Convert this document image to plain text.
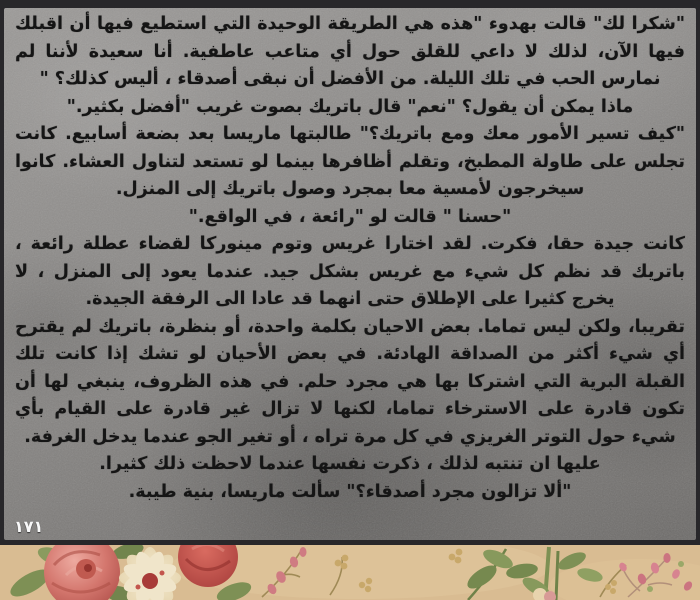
"شكرا لك" قالت بهدوء "هذه هي الطريقة الوحيدة التي استطيع فيها أن اقبلك فيها الآن، لذلك لا داعي للقلق حول أي متاعب عاطفية. أنا سعيدة لأننا لم نمارس الحب في تلك الليلة. من الأفضل أن نبقى أصدقاء ، أليس كذلك؟ "

ماذا يمكن أن يقول؟ "نعم" قال باتريك بصوت غريب "أفضل بكثير."

"كيف تسير الأمور معك ومع باتريك؟" طالبتها ماريسا بعد بضعة أسابيع. كانت تجلس على طاولة المطبخ، وتقلم أظافرها بينما لو تستعد لتناول العشاء. كانوا سيخرجون لأمسية معا بمجرد وصول باتريك إلى المنزل.

"حسنا " قالت لو "رائعة ، في الواقع."

كانت جيدة حقا، فكرت. لقد اختارا غريس وتوم مينوركا لقضاء عطلة رائعة ، باتريك قد نظم كل شيء مع غريس بشكل جيد. عندما يعود إلى المنزل ، لا يخرج كثيرا على الإطلاق حتى انهما قد عادا الى الرفقة الجيدة.

تقريبا، ولكن ليس تماما. بعض الاحيان بكلمة واحدة، أو بنظرة، باتريك لم يقترح أي شيء أكثر من الصداقة الهادئة. في بعض الأحيان لو تشك إذا كانت تلك القبلة البرية التي اشتركا بها هي مجرد حلم. في هذه الظروف، ينبغي لها أن تكون قادرة على الاسترخاء تماما، لكنها لا تزال غير قادرة على القيام بأي شيء حول التوتر الغريزي في كل مرة تراه ، أو تغير الجو عندما يدخل الغرفة.

عليها ان تنتبه لذلك ، ذكرت نفسها عندما لاحظت ذلك كثيرا.

"ألا تزالون مجرد أصدقاء؟" سألت ماريسا، بنية طيبة.

١٧١
